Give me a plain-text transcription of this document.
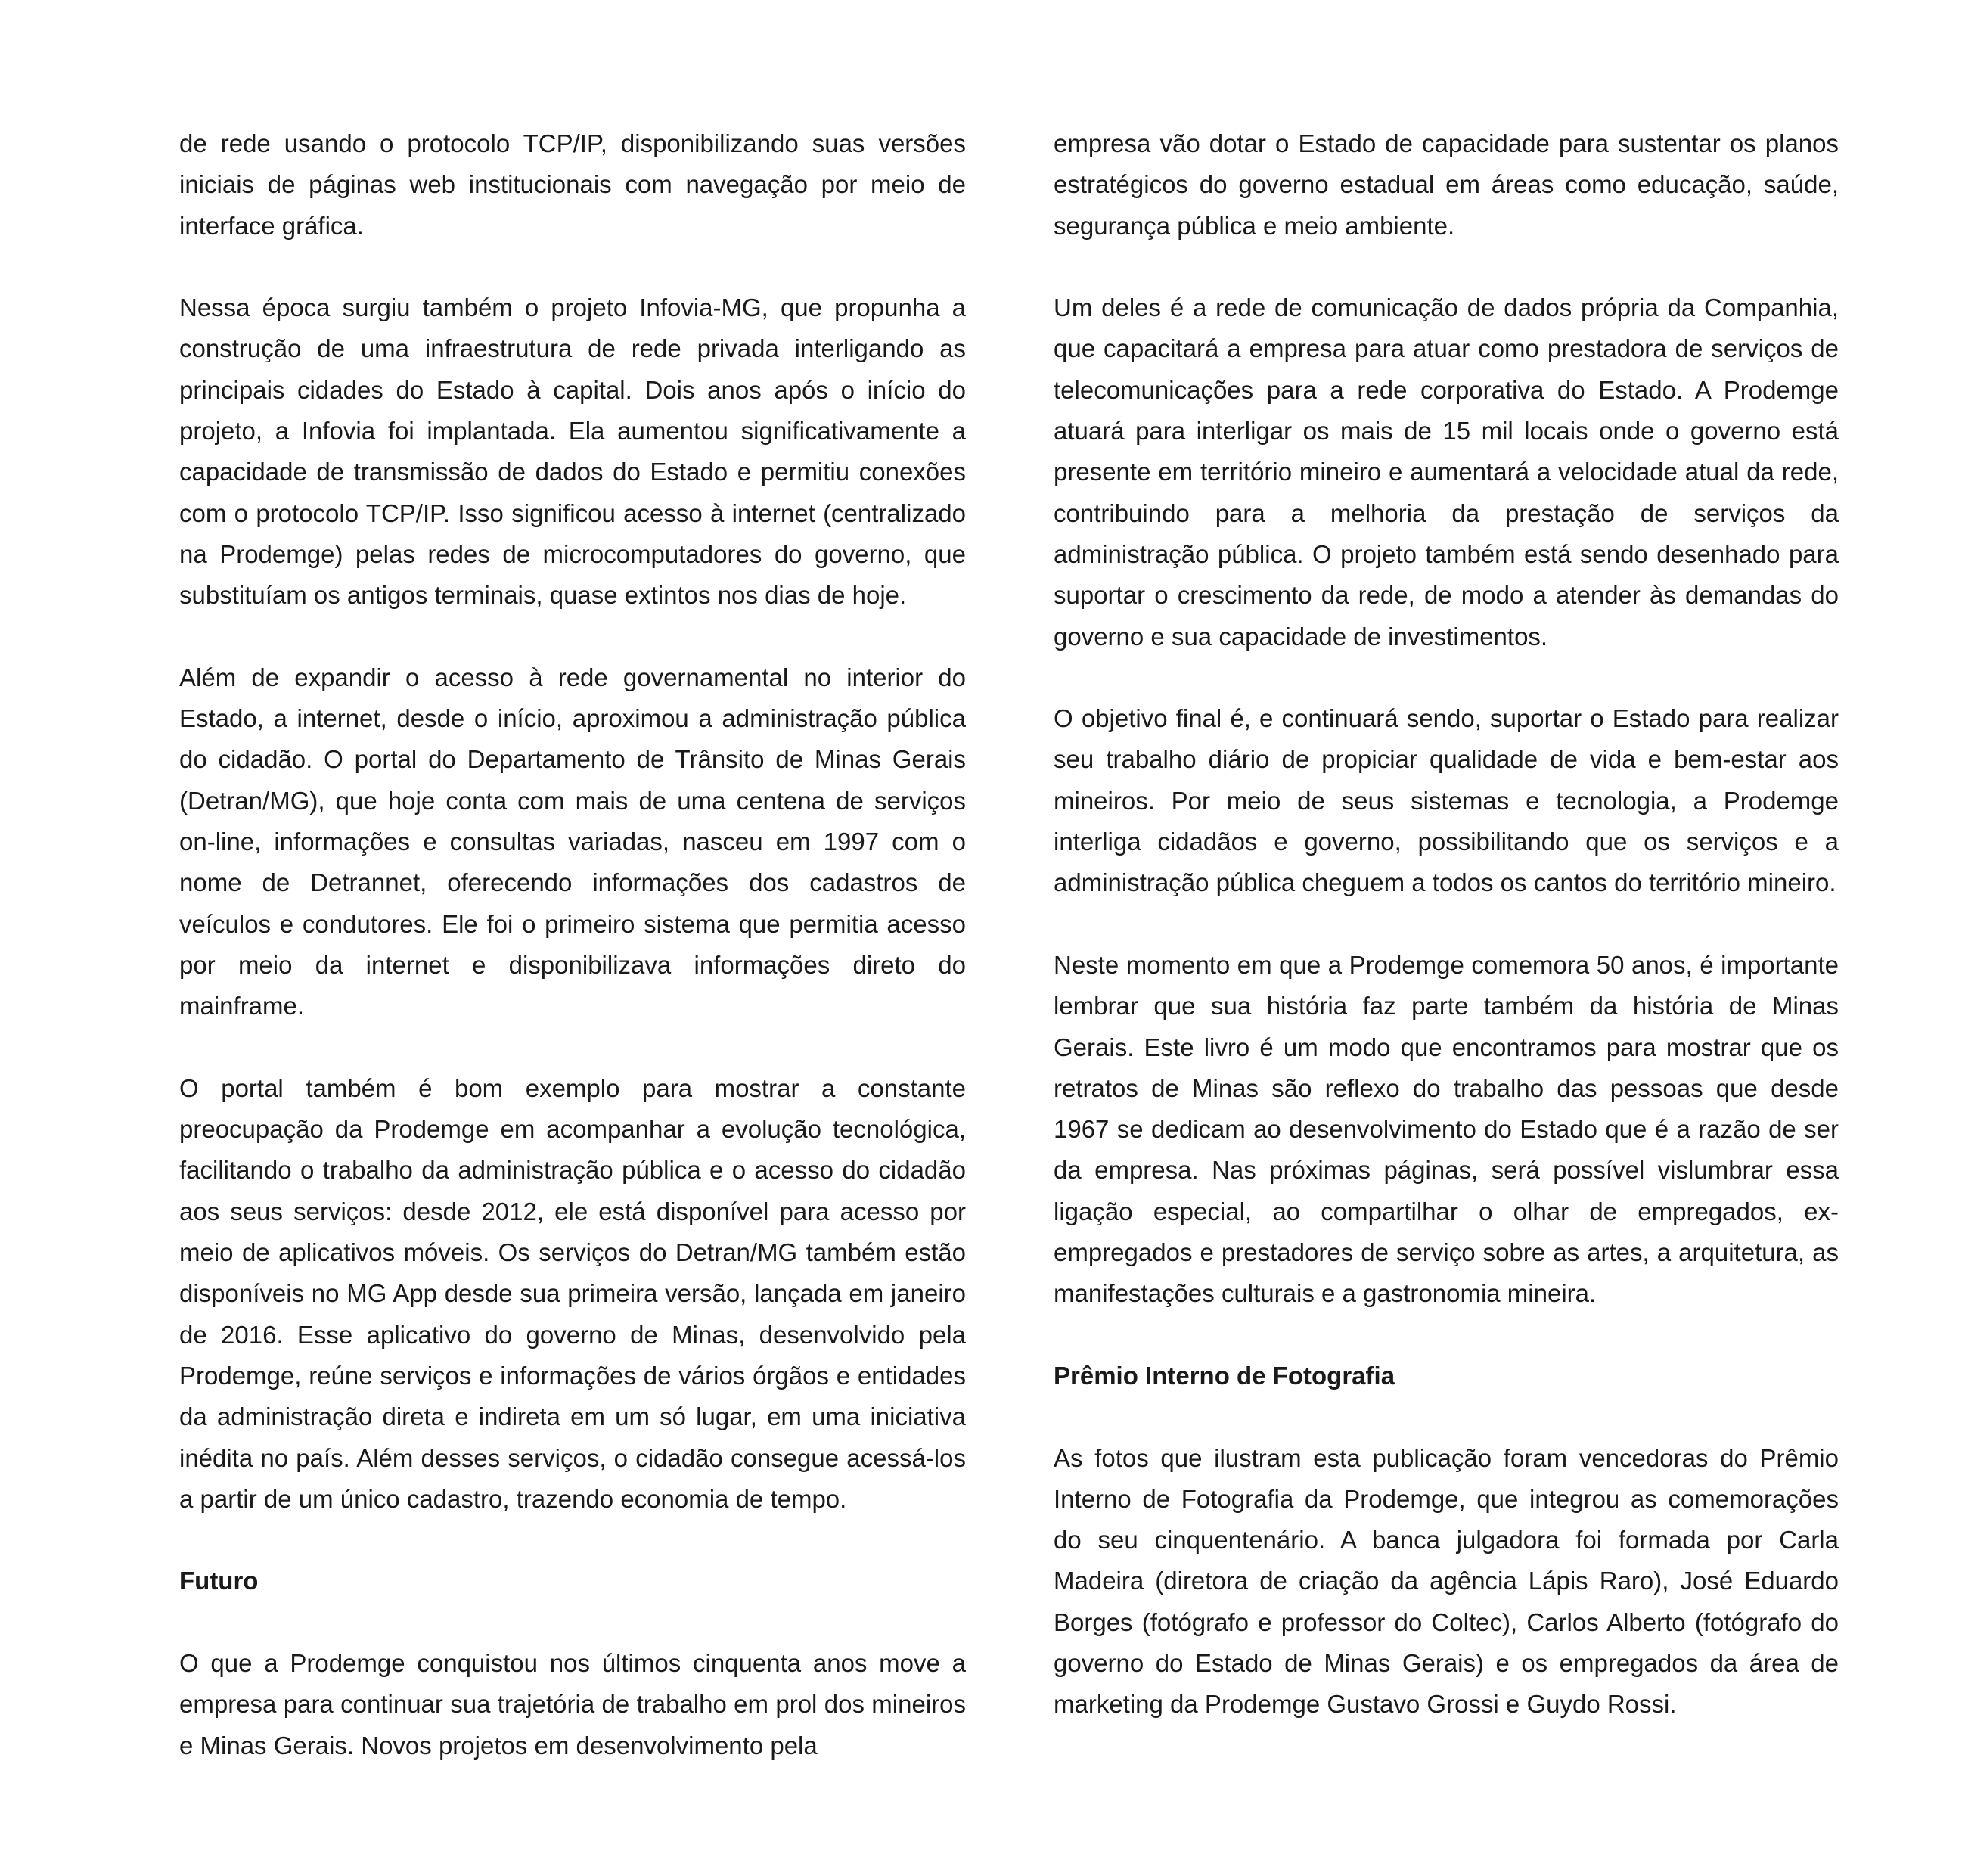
de rede usando o protocolo TCP/IP, disponibilizando suas versões iniciais de páginas web institucionais com navegação por meio de interface gráfica.

Nessa época surgiu também o projeto Infovia-MG, que propunha a construção de uma infraestrutura de rede privada interligando as principais cidades do Estado à capital. Dois anos após o início do projeto, a Infovia foi implantada. Ela aumentou significativamente a capacidade de transmissão de dados do Estado e permitiu conexões com o protocolo TCP/IP. Isso significou acesso à internet (centralizado na Prodemge) pelas redes de microcomputadores do governo, que substituíam os antigos terminais, quase extintos nos dias de hoje.

Além de expandir o acesso à rede governamental no interior do Estado, a internet, desde o início, aproximou a administração pública do cidadão. O portal do Departamento de Trânsito de Minas Gerais (Detran/MG), que hoje conta com mais de uma centena de serviços on-line, informações e consultas variadas, nasceu em 1997 com o nome de Detrannet, oferecendo informações dos cadastros de veículos e condutores. Ele foi o primeiro sistema que permitia acesso por meio da internet e disponibilizava informações direto do mainframe.

O portal também é bom exemplo para mostrar a constante preocupação da Prodemge em acompanhar a evolução tecnológica, facilitando o trabalho da administração pública e o acesso do cidadão aos seus serviços: desde 2012, ele está disponível para acesso por meio de aplicativos móveis. Os serviços do Detran/MG também estão disponíveis no MG App desde sua primeira versão, lançada em janeiro de 2016. Esse aplicativo do governo de Minas, desenvolvido pela Prodemge, reúne serviços e informações de vários órgãos e entidades da administração direta e indireta em um só lugar, em uma iniciativa inédita no país. Além desses serviços, o cidadão consegue acessá-los a partir de um único cadastro, trazendo economia de tempo.

Futuro

O que a Prodemge conquistou nos últimos cinquenta anos move a empresa para continuar sua trajetória de trabalho em prol dos mineiros e Minas Gerais. Novos projetos em desenvolvimento pela

empresa vão dotar o Estado de capacidade para sustentar os planos estratégicos do governo estadual em áreas como educação, saúde, segurança pública e meio ambiente.

Um deles é a rede de comunicação de dados própria da Companhia, que capacitará a empresa para atuar como prestadora de serviços de telecomunicações para a rede corporativa do Estado. A Prodemge atuará para interligar os mais de 15 mil locais onde o governo está presente em território mineiro e aumentará a velocidade atual da rede, contribuindo para a melhoria da prestação de serviços da administração pública. O projeto também está sendo desenhado para suportar o crescimento da rede, de modo a atender às demandas do governo e sua capacidade de investimentos.

O objetivo final é, e continuará sendo, suportar o Estado para realizar seu trabalho diário de propiciar qualidade de vida e bem-estar aos mineiros. Por meio de seus sistemas e tecnologia, a Prodemge interliga cidadãos e governo, possibilitando que os serviços e a administração pública cheguem a todos os cantos do território mineiro.

Neste momento em que a Prodemge comemora 50 anos, é importante lembrar que sua história faz parte também da história de Minas Gerais. Este livro é um modo que encontramos para mostrar que os retratos de Minas são reflexo do trabalho das pessoas que desde 1967 se dedicam ao desenvolvimento do Estado que é a razão de ser da empresa. Nas próximas páginas, será possível vislumbrar essa ligação especial, ao compartilhar o olhar de empregados, ex-empregados e prestadores de serviço sobre as artes, a arquitetura, as manifestações culturais e a gastronomia mineira.

Prêmio Interno de Fotografia

As fotos que ilustram esta publicação foram vencedoras do Prêmio Interno de Fotografia da Prodemge, que integrou as comemorações do seu cinquentenário. A banca julgadora foi formada por Carla Madeira (diretora de criação da agência Lápis Raro), José Eduardo Borges (fotógrafo e professor do Coltec), Carlos Alberto (fotógrafo do governo do Estado de Minas Gerais) e os empregados da área de marketing da Prodemge Gustavo Grossi e Guydo Rossi.
